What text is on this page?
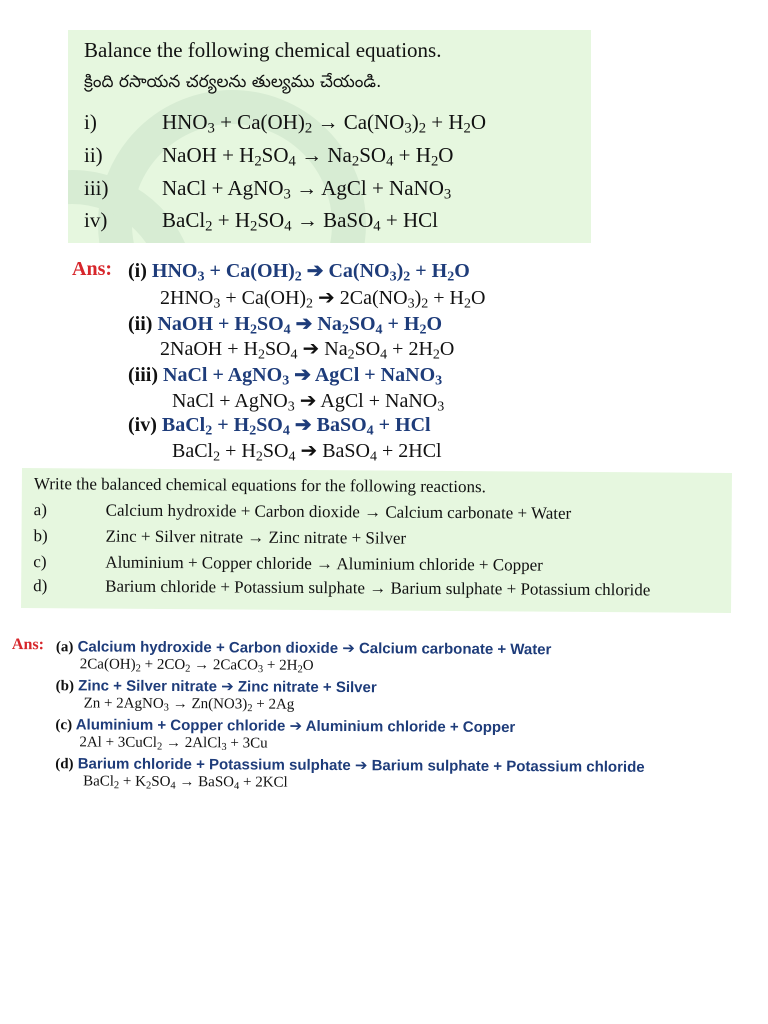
Balance the following chemical equations.
క్రింది రసాయన చర్యలను తుల్యము చేయండి.
i)	$HNO_3 + Ca(OH)_2 \to Ca(NO_3)_2 + H_2O$
ii)	NaOH + $H_2SO_4 \to Na_2SO_4 + H_2O$
iii)	NaCl + AgNO$_3$ → AgCl + NaNO$_3$
iv)	BaCl$_2$ + $H_2SO_4$ → BaSO$_4$ + HCl
Ans: (i) $HNO_3 + Ca(OH)_2$ ➔ $Ca(NO_3)_2 + H_2O$
$2HNO_3 + Ca(OH)_2$ ➔ $2Ca(NO_3)_2 + H_2O$
(ii) NaOH + $H_2SO_4$ ➔ $Na_2SO_4 + H_2O$
2NaOH + $H_2SO_4$ ➔ $Na_2SO_4 + 2H_2O$
(iii) NaCl + AgNO$_3$ ➔ AgCl + NaNO$_3$
NaCl + AgNO$_3$ ➔ AgCl + NaNO$_3$
(iv) BaCl$_2$ + $H_2SO_4$ ➔ BaSO$_4$ + HCl
BaCl$_2$ + $H_2SO_4$ ➔ BaSO$_4$ + 2HCl
Write the balanced chemical equations for the following reactions.
a)	Calcium hydroxide + Carbon dioxide → Calcium carbonate + Water
b)	Zinc + Silver nitrate → Zinc nitrate + Silver
c)	Aluminium + Copper chloride → Aluminium chloride + Copper
d)	Barium chloride + Potassium sulphate → Barium sulphate + Potassium chloride
Ans: (a) Calcium hydroxide + Carbon dioxide ➔ Calcium carbonate + Water
$2Ca(OH)_2 + 2CO_2$ → 2CaCO$_3$ + $2H_2O$
(b) Zinc + Silver nitrate ➔ Zinc nitrate + Silver
Zn + 2AgNO$_3$ → $Zn(NO3)_2 + 2Ag$
(c) Aluminium + Copper chloride ➔ Aluminium chloride + Copper
2Al + 3CuCl$_2$ → 2AlCl$_3$ + 3Cu
(d) Barium chloride + Potassium sulphate ➔ Barium sulphate + Potassium chloride
BaCl$_2$ + $K_2SO_4$ → BaSO$_4$ + 2KCl
